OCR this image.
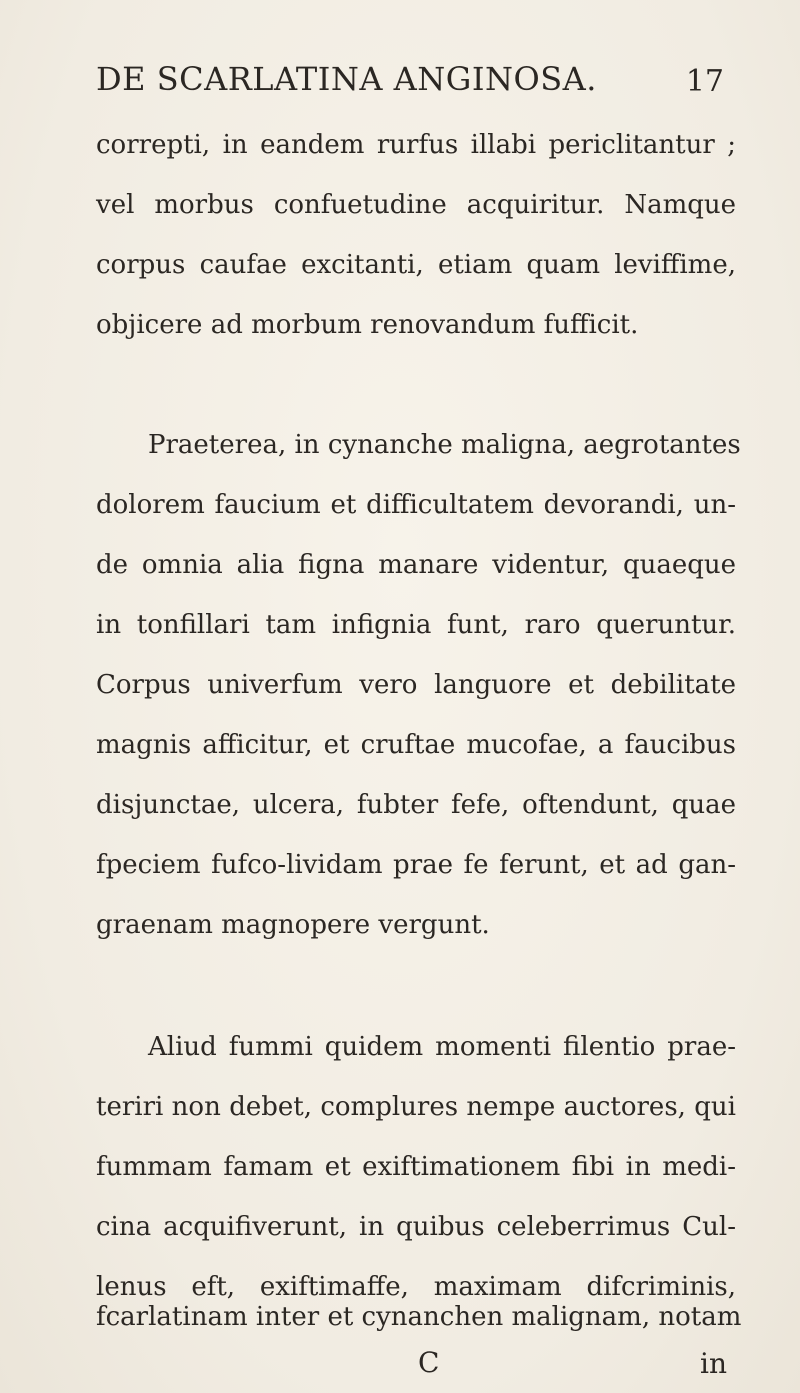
DE SCARLATINA ANGINOSA.	17
correpti, in eandem rurfus illabi periclitantur ;
vel morbus confuetudine acquiritur. Namque
corpus caufae excitanti, etiam quam leviffime,
objicere ad morbum renovandum fufficit.
Praeterea, in cynanche maligna, aegrotantes
dolorem faucium et difficultatem devorandi, un-
de omnia alia figna manare videntur, quaeque
in tonfillari tam infignia funt, raro queruntur.
Corpus univerfum vero languore et debilitate
magnis afficitur, et cruftae mucofae, a faucibus
disjunctae, ulcera, fubter fefe, oftendunt, quae
fpeciem fufco-lividam prae fe ferunt, et ad gan-
graenam magnopere vergunt.
Aliud fummi quidem momenti filentio prae-
teriri non debet, complures nempe auctores, qui
fummam famam et exiftimationem fibi in medi-
cina acquifiverunt, in quibus celeberrimus Cul-
lenus eft, exiftimaffe, maximam difcriminis,
C	in
fcarlatinam inter et cynanchen malignam, notam
